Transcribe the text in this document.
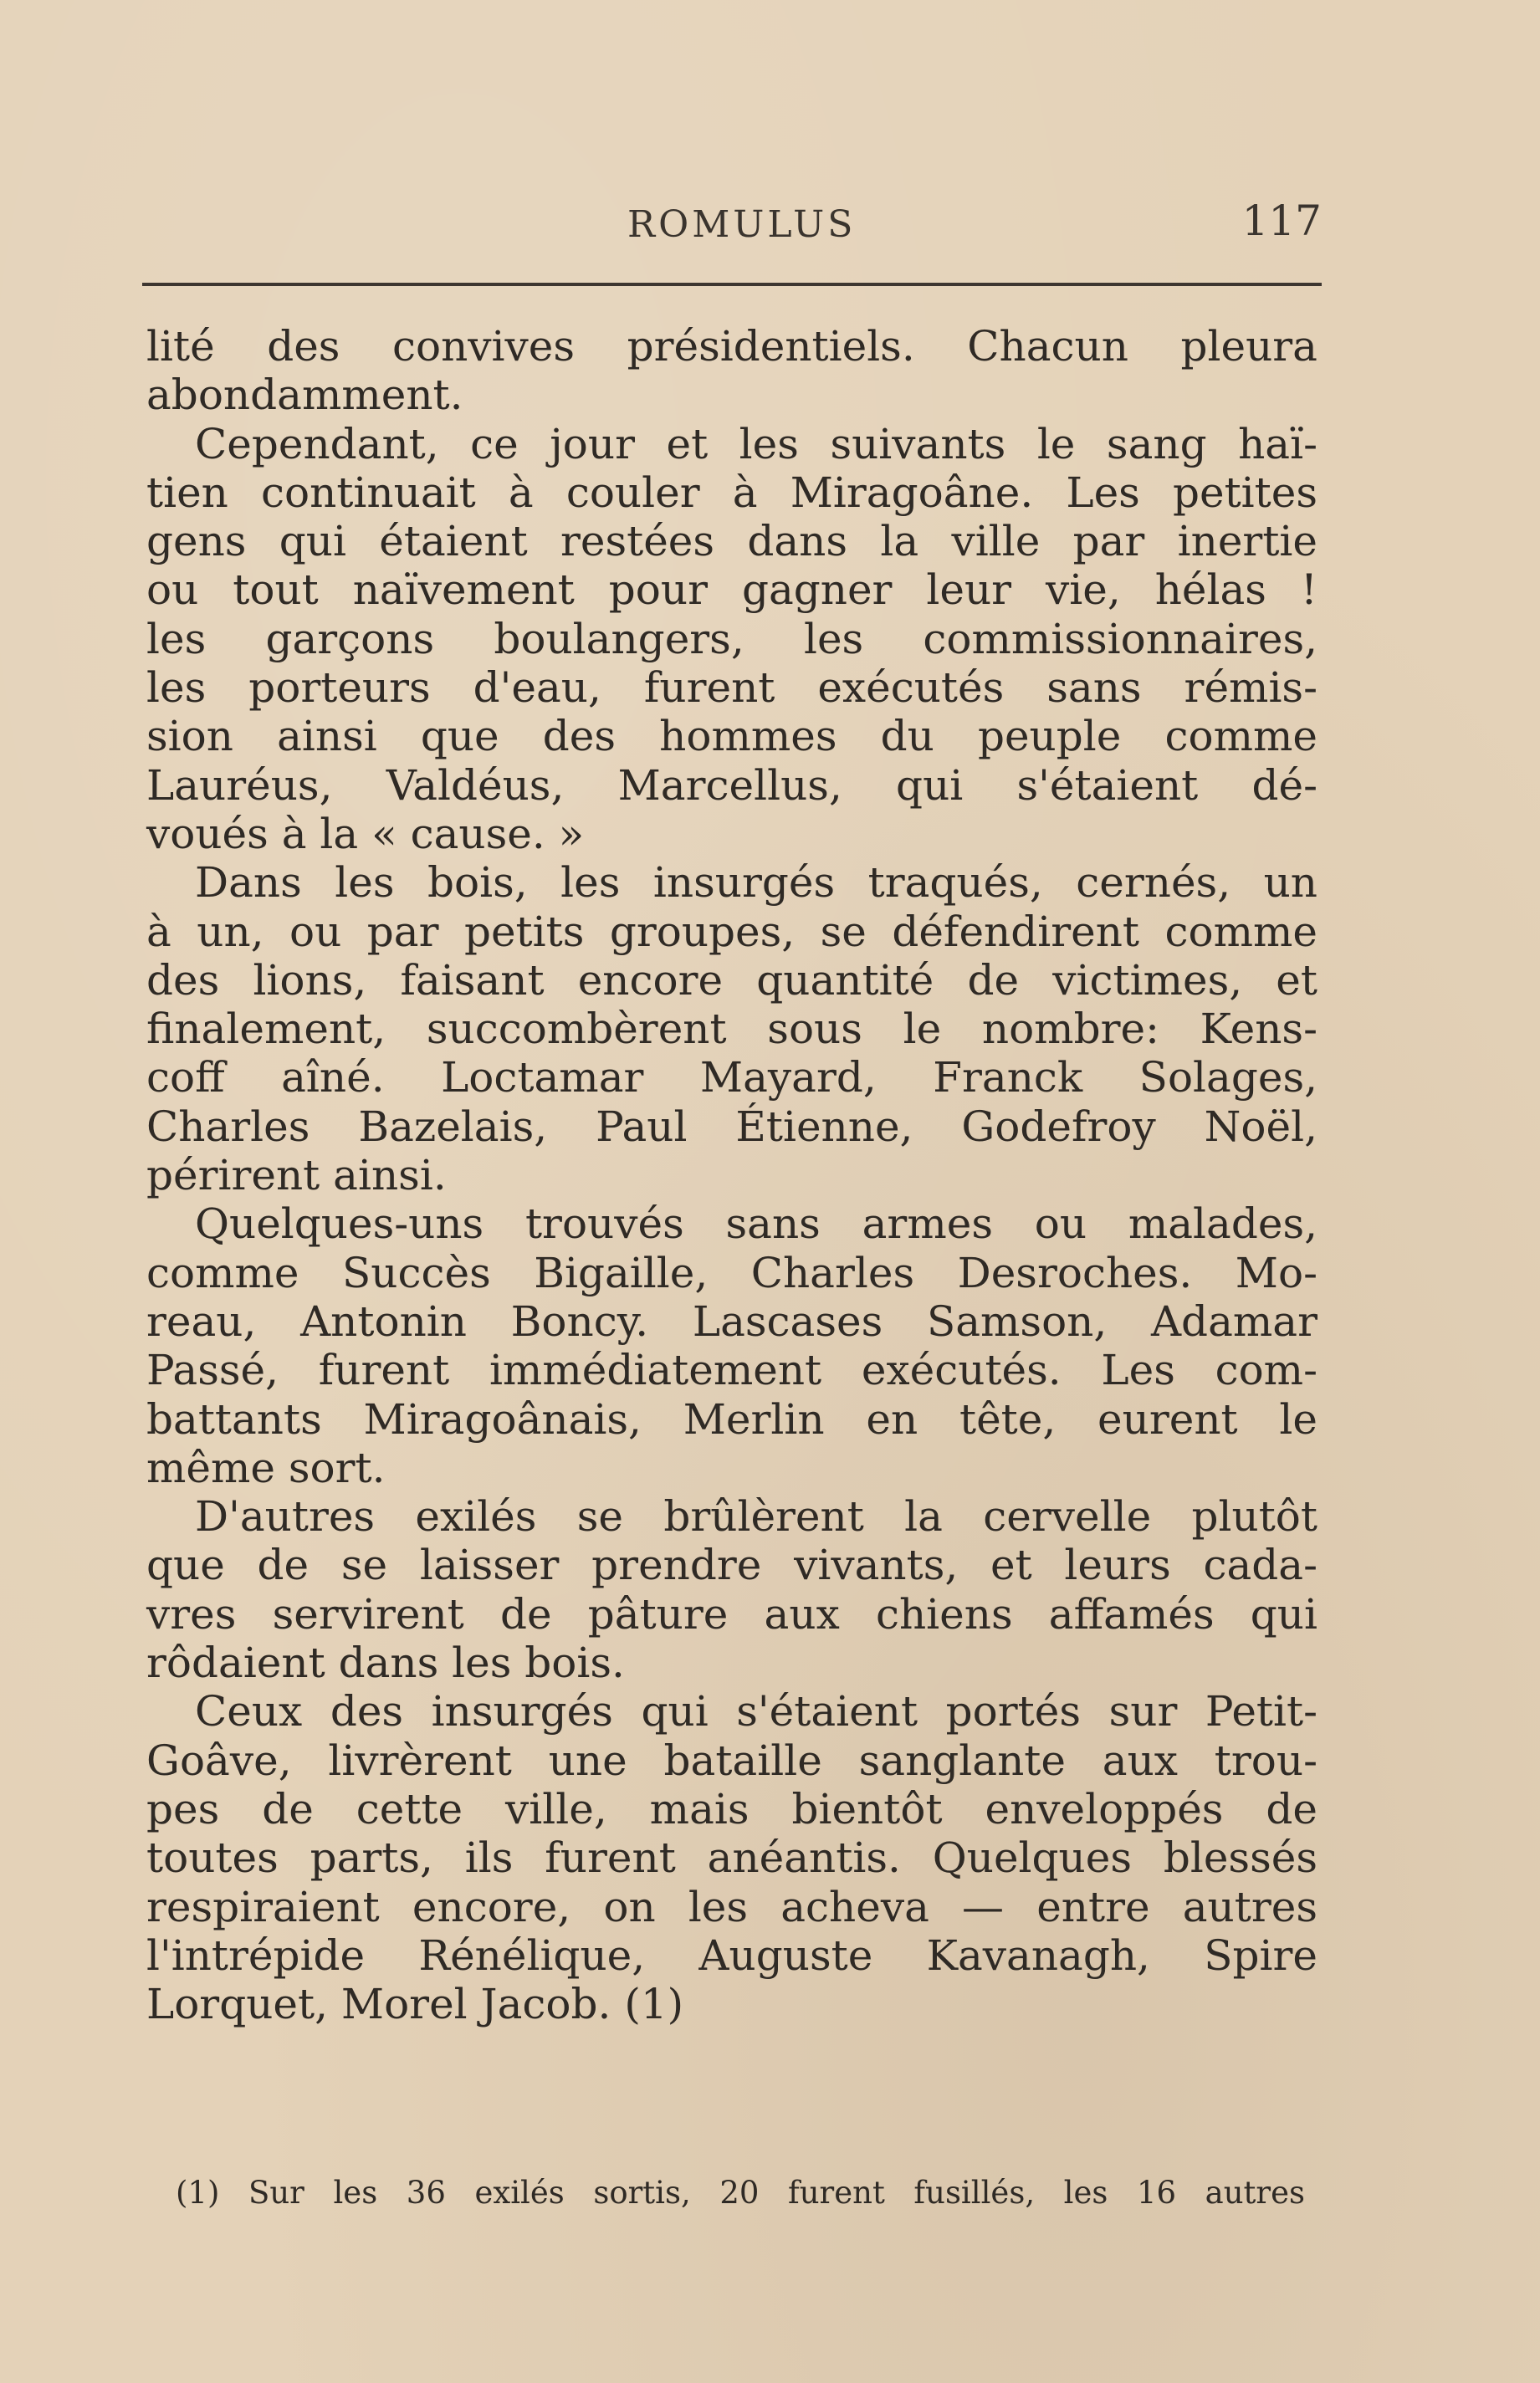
ROMULUS	117
lité des convives présidentiels. Chacun pleura
abondamment.
Cependant, ce jour et les suivants le sang haï-
tien continuait à couler à Miragoâne. Les petites
gens qui étaient restées dans la ville par inertie
ou tout naïvement pour gagner leur vie, hélas !
les garçons boulangers, les commissionnaires,
les porteurs d'eau, furent exécutés sans rémis-
sion ainsi que des hommes du peuple comme
Lauréus, Valdéus, Marcellus, qui s'étaient dé-
voués à la « cause. »
Dans les bois, les insurgés traqués, cernés, un
à un, ou par petits groupes, se défendirent comme
des lions, faisant encore quantité de victimes, et
finalement, succombèrent sous le nombre: Kens-
coff aîné. Loctamar Mayard, Franck Solages,
Charles Bazelais, Paul Étienne, Godefroy Noël,
périrent ainsi.
Quelques-uns trouvés sans armes ou malades,
comme Succès Bigaille, Charles Desroches. Mo-
reau, Antonin Boncy. Lascases Samson, Adamar
Passé, furent immédiatement exécutés. Les com-
battants Miragoânais, Merlin en tête, eurent le
même sort.
D'autres exilés se brûlèrent la cervelle plutôt
que de se laisser prendre vivants, et leurs cada-
vres servirent de pâture aux chiens affamés qui
rôdaient dans les bois.
Ceux des insurgés qui s'étaient portés sur Petit-
Goâve, livrèrent une bataille sanglante aux trou-
pes de cette ville, mais bientôt enveloppés de
toutes parts, ils furent anéantis. Quelques blessés
respiraient encore, on les acheva — entre autres
l'intrépide Rénélique, Auguste Kavanagh, Spire
Lorquet, Morel Jacob. (1)
(1) Sur les 36 exilés sortis, 20 furent fusillés, les 16 autres
